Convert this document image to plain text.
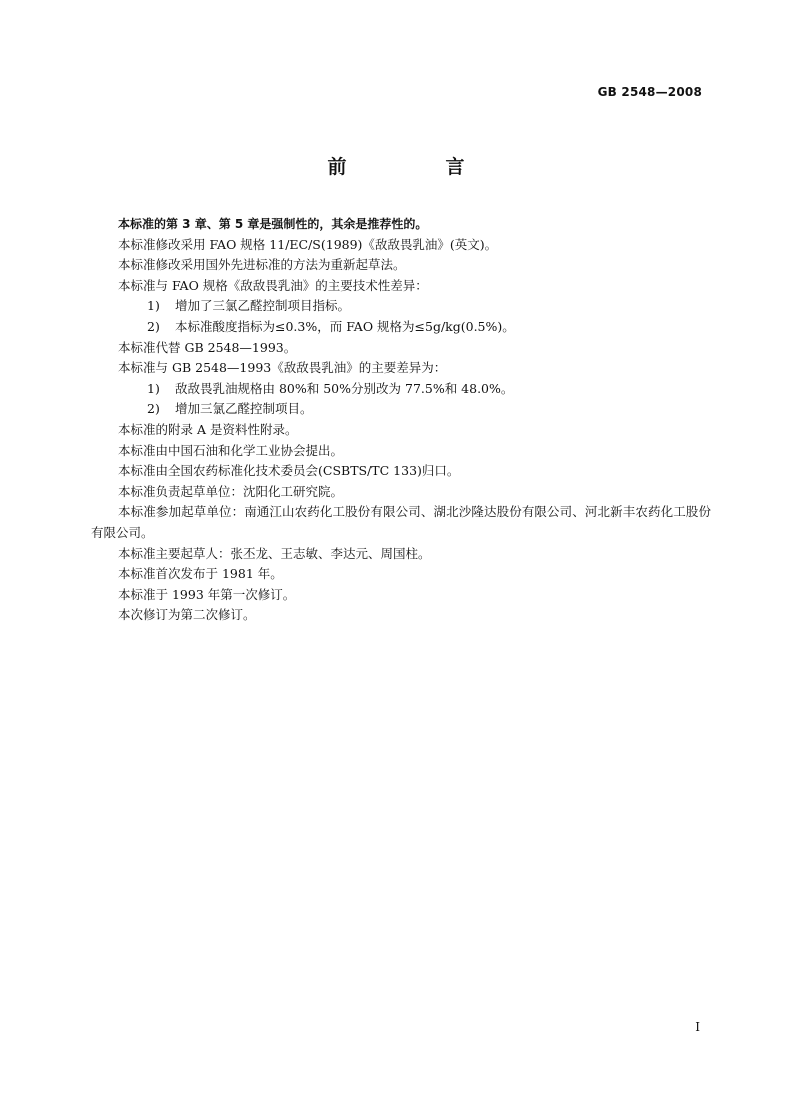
GB 2548—2008
前　言

本标准的第 3 章、第 5 章是强制性的，其余是推荐性的。

本标准修改采用 FAO 规格 11/EC/S(1989)《敌敌畏乳油》(英文)。

本标准修改采用国外先进标准的方法为重新起草法。

本标准与 FAO 规格《敌敌畏乳油》的主要技术性差异：

1) 增加了三氯乙醛控制项目指标。

2) 本标准酸度指标为≤0.3%，而 FAO 规格为≤5g/kg(0.5%)。

本标准代替 GB 2548—1993。

本标准与 GB 2548—1993《敌敌畏乳油》的主要差异为：

1) 敌敌畏乳油规格由 80%和 50%分别改为 77.5%和 48.0%。

2) 增加三氯乙醛控制项目。

本标准的附录 A 是资料性附录。

本标准由中国石油和化学工业协会提出。

本标准由全国农药标准化技术委员会(CSBTS/TC 133)归口。

本标准负责起草单位：沈阳化工研究院。

本标准参加起草单位：南通江山农药化工股份有限公司、湖北沙隆达股份有限公司、河北新丰农药化工股份有限公司。

本标准主要起草人：张丕龙、王志敏、李达元、周国柱。

本标准首次发布于 1981 年。

本标准于 1993 年第一次修订。

本次修订为第二次修订。

I
